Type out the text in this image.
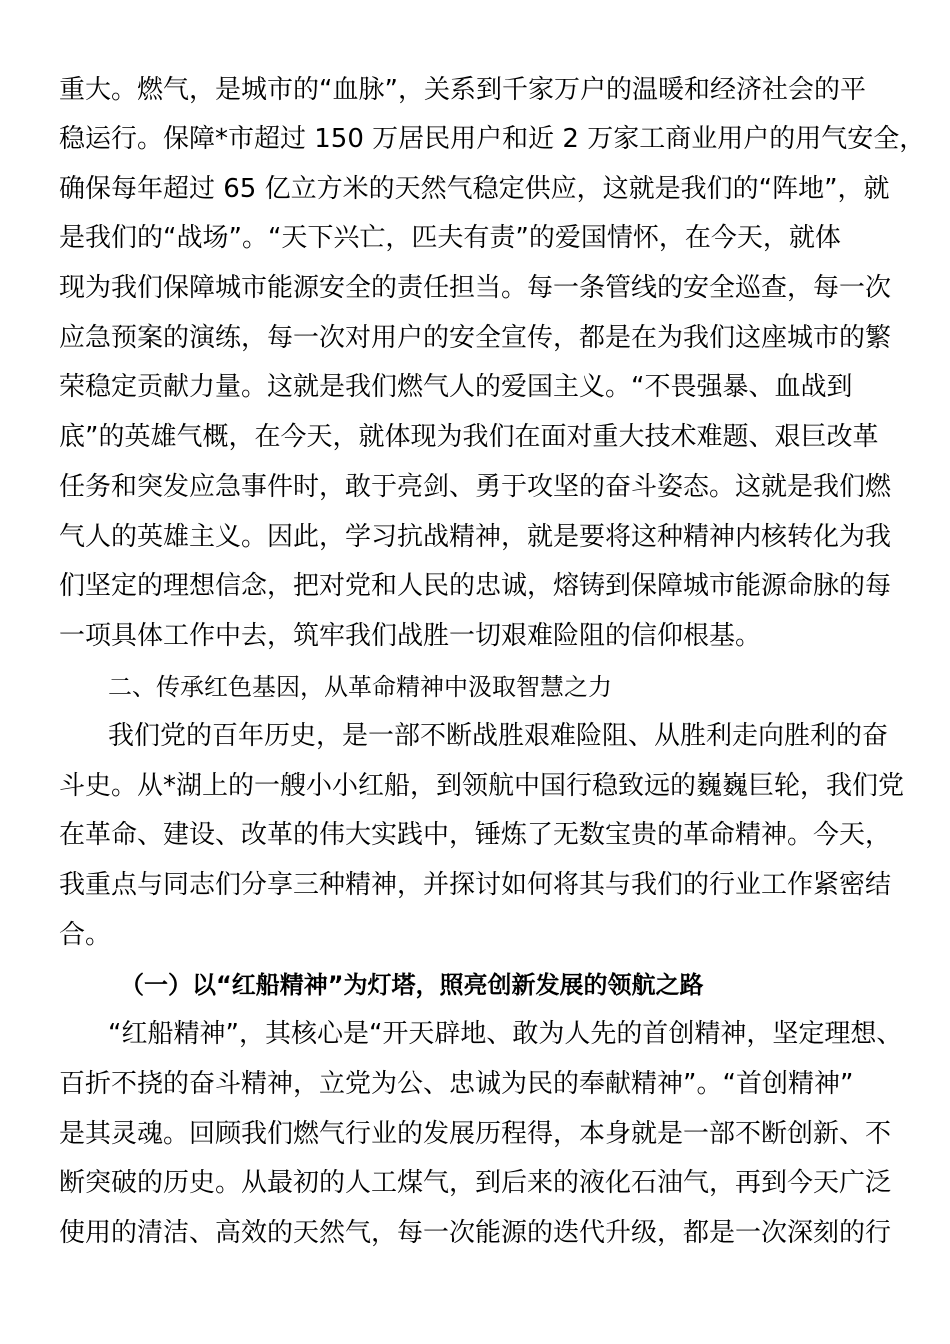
重大。燃气，是城市的“血脉”，关系到千家万户的温暖和经济社会的平
稳运行。保障*市超过 150 万居民用户和近 2 万家工商业用户的用气安全，
确保每年超过 65 亿立方米的天然气稳定供应，这就是我们的“阵地”，就
是我们的“战场”。“天下兴亡，匹夫有责”的爱国情怀，在今天，就体
现为我们保障城市能源安全的责任担当。每一条管线的安全巡查，每一次
应急预案的演练，每一次对用户的安全宣传，都是在为我们这座城市的繁
荣稳定贡献力量。这就是我们燃气人的爱国主义。“不畏强暴、血战到
底”的英雄气概，在今天，就体现为我们在面对重大技术难题、艰巨改革
任务和突发应急事件时，敢于亮剑、勇于攻坚的奋斗姿态。这就是我们燃
气人的英雄主义。因此，学习抗战精神，就是要将这种精神内核转化为我
们坚定的理想信念，把对党和人民的忠诚，熔铸到保障城市能源命脉的每
一项具体工作中去，筑牢我们战胜一切艰难险阻的信仰根基。
二、传承红色基因，从革命精神中汲取智慧之力
我们党的百年历史，是一部不断战胜艰难险阻、从胜利走向胜利的奋
斗史。从*湖上的一艘小小红船，到领航中国行稳致远的巍巍巨轮，我们党
在革命、建设、改革的伟大实践中，锤炼了无数宝贵的革命精神。今天，
我重点与同志们分享三种精神，并探讨如何将其与我们的行业工作紧密结
合。
（一）以“红船精神”为灯塔，照亮创新发展的领航之路
“红船精神”，其核心是“开天辟地、敢为人先的首创精神，坚定理想、
百折不挠的奋斗精神，立党为公、忠诚为民的奉献精神”。“首创精神”
是其灵魂。回顾我们燃气行业的发展历程得，本身就是一部不断创新、不
断突破的历史。从最初的人工煤气，到后来的液化石油气，再到今天广泛
使用的清洁、高效的天然气，每一次能源的迭代升级，都是一次深刻的行
